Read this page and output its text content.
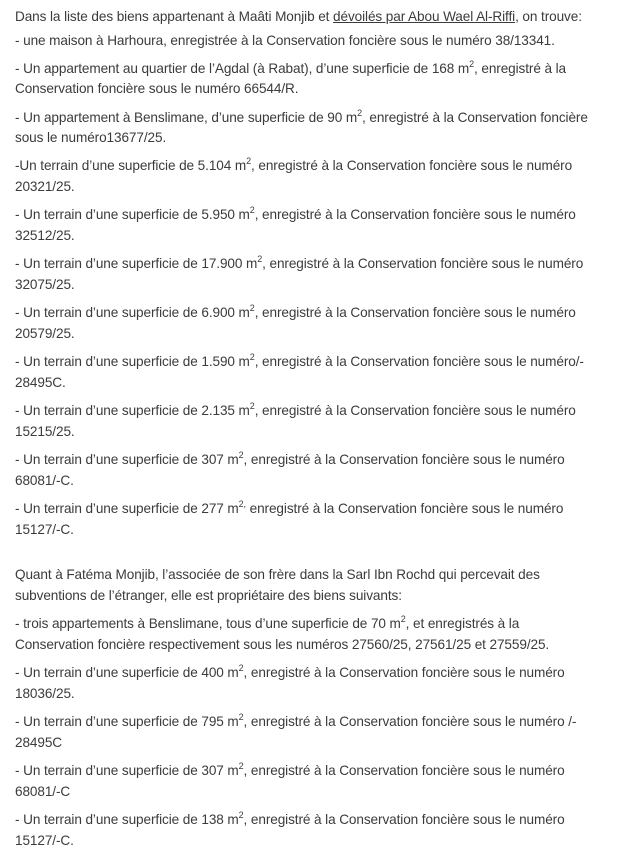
Dans la liste des biens appartenant à Maâti Monjib et dévoilés par Abou Wael Al-Riffi, on trouve:
- une maison à Harhoura, enregistrée à la Conservation foncière sous le numéro 38/13341.
- Un appartement au quartier de l’Agdal (à Rabat), d’une superficie de 168 $m^2$, enregistré à la
Conservation foncière sous le numéro 66544/R.
- Un appartement à Benslimane, d’une superficie de 90 $m^2$, enregistré à la Conservation foncière
sous le numéro13677/25.
-Un terrain d’une superficie de 5.104 $m^2$, enregistré à la Conservation foncière sous le numéro
20321/25.
- Un terrain d’une superficie de 5.950 $m^2$, enregistré à la Conservation foncière sous le numéro
32512/25.
- Un terrain d’une superficie de 17.900 $m^2$, enregistré à la Conservation foncière sous le numéro
32075/25.
- Un terrain d’une superficie de 6.900 $m^2$, enregistré à la Conservation foncière sous le numéro
20579/25.
- Un terrain d’une superficie de 1.590 $m^2$, enregistré à la Conservation foncière sous le numéro/-
28495C.
- Un terrain d’une superficie de 2.135 $m^2$, enregistré à la Conservation foncière sous le numéro
15215/25.
- Un terrain d’une superficie de 307 $m^2$, enregistré à la Conservation foncière sous le numéro
68081/-C.
- Un terrain d’une superficie de 277 $m^{2,}$ enregistré à la Conservation foncière sous le numéro
15127/-C.
Quant à Fatéma Monjib, l’associée de son frère dans la Sarl Ibn Rochd qui percevait des
subventions de l’étranger, elle est propriétaire des biens suivants:
- trois appartements à Benslimane, tous d’une superficie de 70 $m^2$, et enregistrés à la
Conservation foncière respectivement sous les numéros 27560/25, 27561/25 et 27559/25.
- Un terrain d’une superficie de 400 $m^2$, enregistré à la Conservation foncière sous le numéro
18036/25.
- Un terrain d’une superficie de 795 $m^2$, enregistré à la Conservation foncière sous le numéro /-
28495C
- Un terrain d’une superficie de 307 $m^2$, enregistré à la Conservation foncière sous le numéro
68081/-C
- Un terrain d’une superficie de 138 $m^2$, enregistré à la Conservation foncière sous le numéro
15127/-C.
